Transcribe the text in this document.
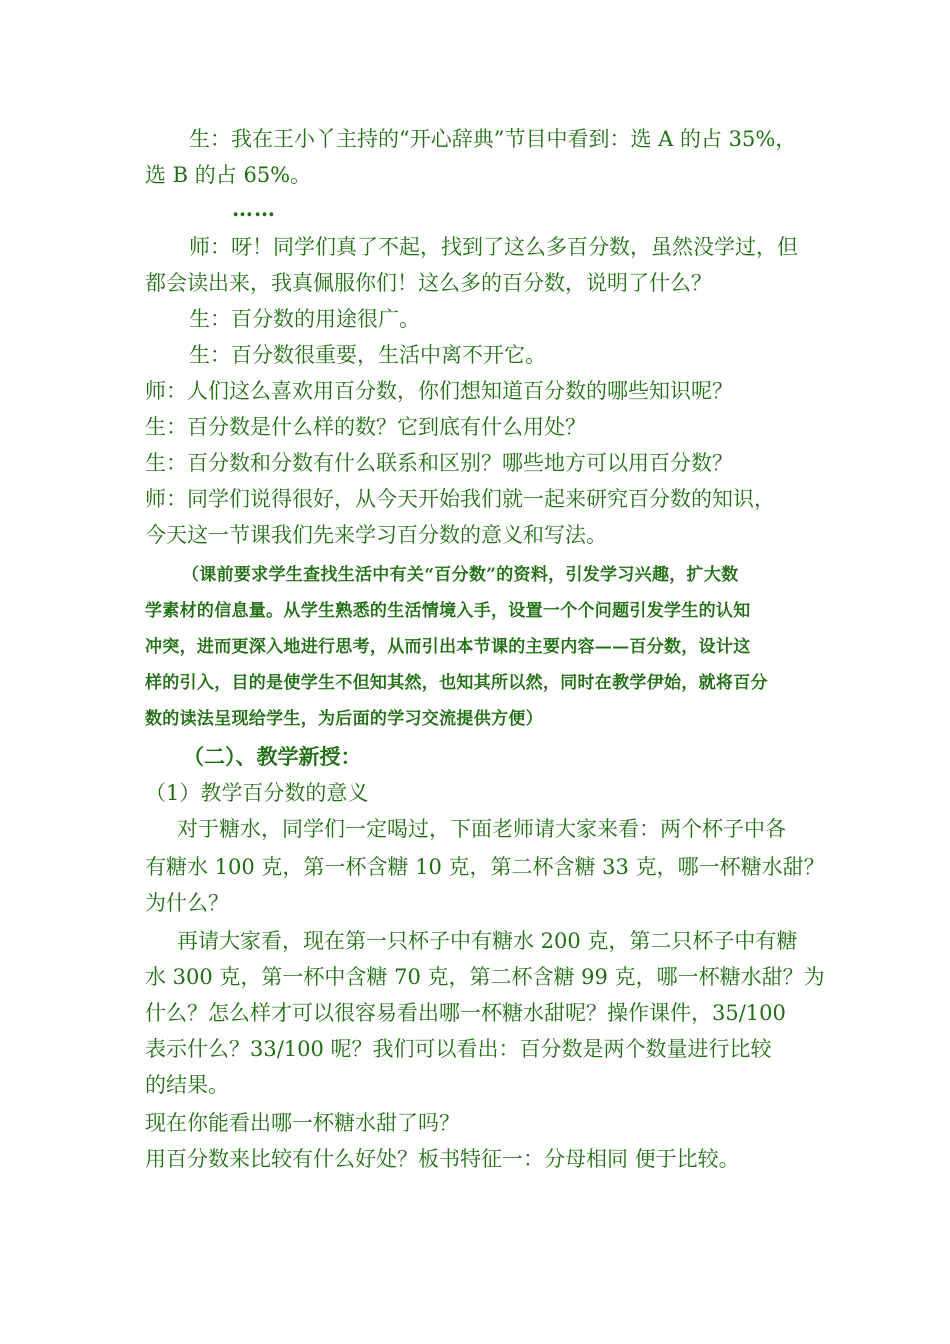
生：我在王小丫主持的“开心辞典”节目中看到：选 A 的占 35%，
选 B 的占 65%。
……
师：呀！同学们真了不起，找到了这么多百分数，虽然没学过，但
都会读出来，我真佩服你们！这么多的百分数，说明了什么？
生：百分数的用途很广。
生：百分数很重要，生活中离不开它。
师：人们这么喜欢用百分数，你们想知道百分数的哪些知识呢？
生：百分数是什么样的数？它到底有什么用处？
生：百分数和分数有什么联系和区别？哪些地方可以用百分数？
师：同学们说得很好，从今天开始我们就一起来研究百分数的知识，
今天这一节课我们先来学习百分数的意义和写法。
（课前要求学生查找生活中有关“百分数”的资料，引发学习兴趣，扩大数
学素材的信息量。从学生熟悉的生活情境入手，设置一个个问题引发学生的认知
冲突，进而更深入地进行思考，从而引出本节课的主要内容——百分数，设计这
样的引入，目的是使学生不但知其然，也知其所以然，同时在教学伊始，就将百分
数的读法呈现给学生，为后面的学习交流提供方便）
（二）、教学新授：
（1）教学百分数的意义
对于糖水，同学们一定喝过，下面老师请大家来看：两个杯子中各
有糖水 100 克，第一杯含糖 10 克，第二杯含糖 33 克，哪一杯糖水甜？
为什么？
再请大家看，现在第一只杯子中有糖水 200 克，第二只杯子中有糖
水 300 克，第一杯中含糖 70 克，第二杯含糖 99 克，哪一杯糖水甜？为
什么？怎么样才可以很容易看出哪一杯糖水甜呢？操作课件，35/100
表示什么？33/100 呢？我们可以看出：百分数是两个数量进行比较
的结果。
现在你能看出哪一杯糖水甜了吗？
用百分数来比较有什么好处？板书特征一：分母相同 便于比较。
